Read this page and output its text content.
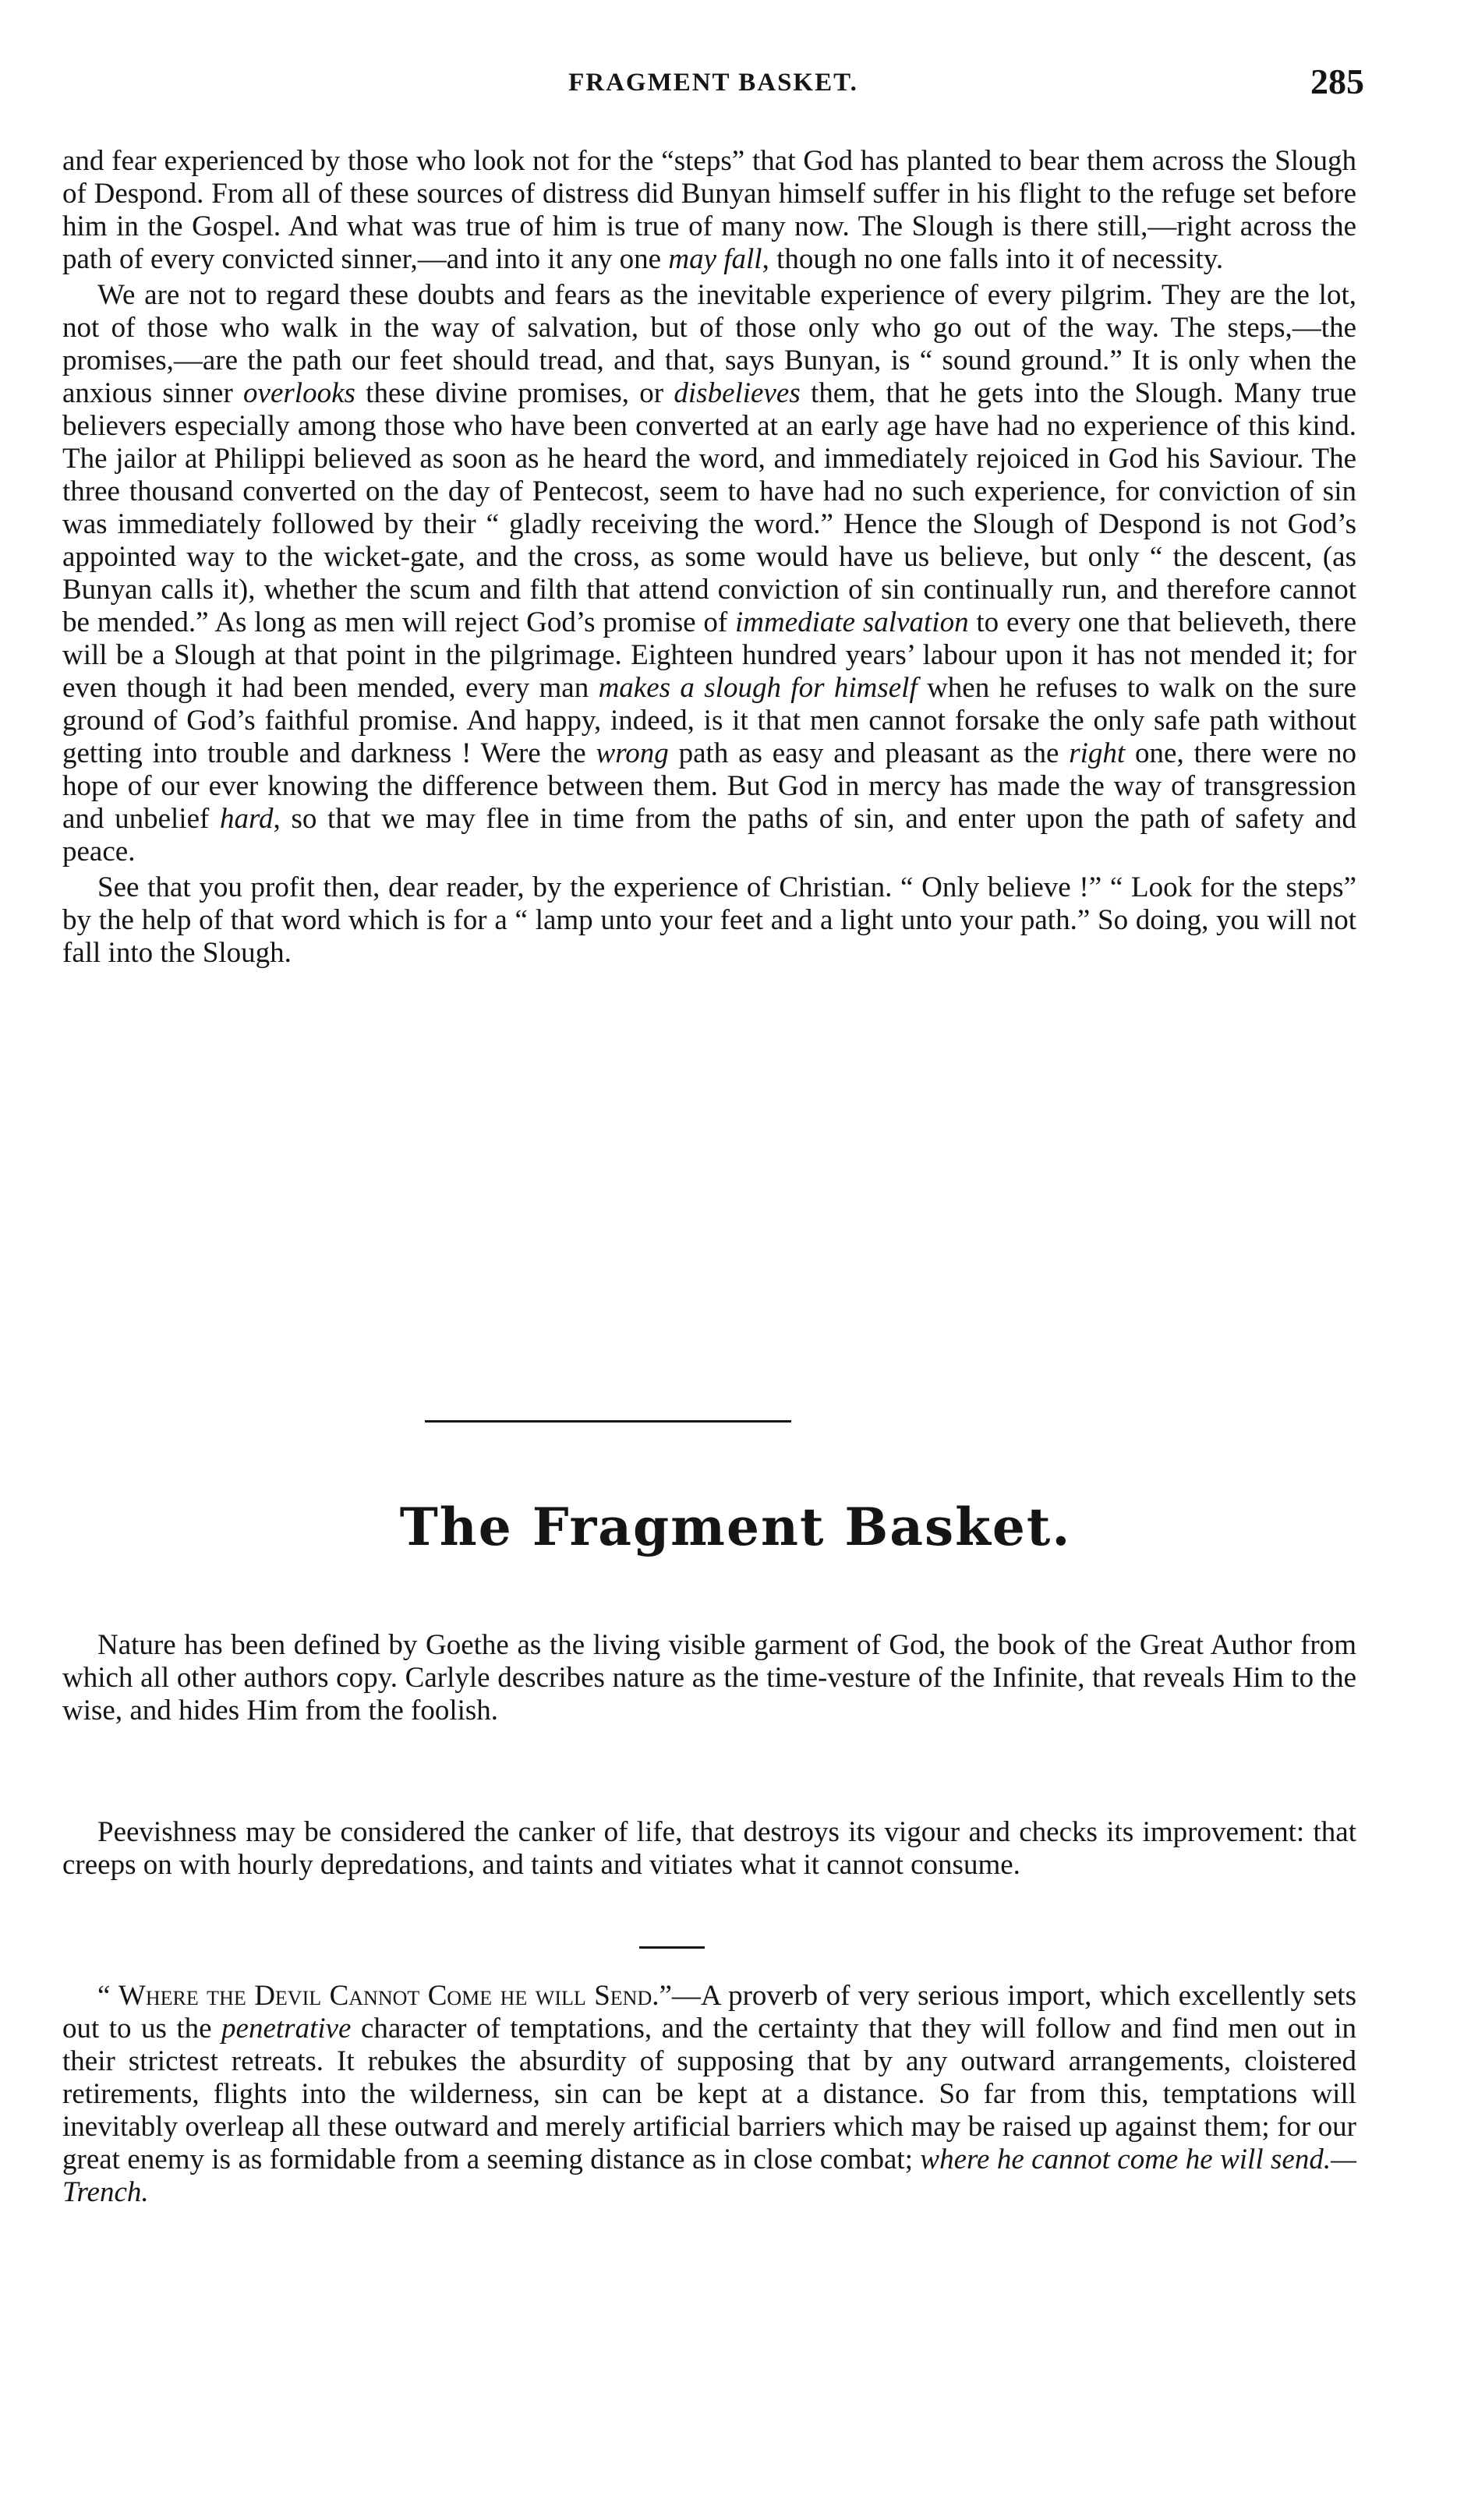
FRAGMENT BASKET.	285

and fear experienced by those who look not for the “steps” that God has planted to bear them across the Slough of Despond. From all of these sources of distress did Bunyan himself suffer in his flight to the refuge set before him in the Gospel. And what was true of him is true of many now. The Slough is there still,—right across the path of every convicted sinner,—and into it any one may fall, though no one falls into it of necessity.

We are not to regard these doubts and fears as the inevitable experience of every pilgrim. They are the lot, not of those who walk in the way of salvation, but of those only who go out of the way. The steps,—the promises,—are the path our feet should tread, and that, says Bunyan, is “ sound ground.” It is only when the anxious sinner overlooks these divine promises, or disbelieves them, that he gets into the Slough. Many true believers especially among those who have been converted at an early age have had no experience of this kind. The jailor at Philippi believed as soon as he heard the word, and immediately rejoiced in God his Saviour. The three thousand converted on the day of Pentecost, seem to have had no such experience, for conviction of sin was immediately followed by their “ gladly receiving the word.” Hence the Slough of Despond is not God’s appointed way to the wicket-gate, and the cross, as some would have us believe, but only “ the descent, (as Bunyan calls it), whether the scum and filth that attend conviction of sin continually run, and therefore cannot be mended.” As long as men will reject God’s promise of immediate salvation to every one that believeth, there will be a Slough at that point in the pilgrimage. Eighteen hundred years’ labour upon it has not mended it; for even though it had been mended, every man makes a slough for himself when he refuses to walk on the sure ground of God’s faithful promise. And happy, indeed, is it that men cannot forsake the only safe path without getting into trouble and darkness ! Were the wrong path as easy and pleasant as the right one, there were no hope of our ever knowing the difference between them. But God in mercy has made the way of transgression and unbelief hard, so that we may flee in time from the paths of sin, and enter upon the path of safety and peace.

See that you profit then, dear reader, by the experience of Christian. “ Only believe !” “ Look for the steps” by the help of that word which is for a “ lamp unto your feet and a light unto your path.” So doing, you will not fall into the Slough.

The Fragment Basket.

Nature has been defined by Goethe as the living visible garment of God, the book of the Great Author from which all other authors copy. Carlyle describes nature as the time-vesture of the Infinite, that reveals Him to the wise, and hides Him from the foolish.

Peevishness may be considered the canker of life, that destroys its vigour and checks its improvement: that creeps on with hourly depredations, and taints and vitiates what it cannot consume.

“ Where the Devil Cannot Come he will Send.”—A proverb of very serious import, which excellently sets out to us the penetrative character of temptations, and the certainty that they will follow and find men out in their strictest retreats. It rebukes the absurdity of supposing that by any outward arrangements, cloistered retirements, flights into the wilderness, sin can be kept at a distance. So far from this, temptations will inevitably overleap all these outward and merely artificial barriers which may be raised up against them; for our great enemy is as formidable from a seeming distance as in close combat; where he cannot come he will send.—Trench.
